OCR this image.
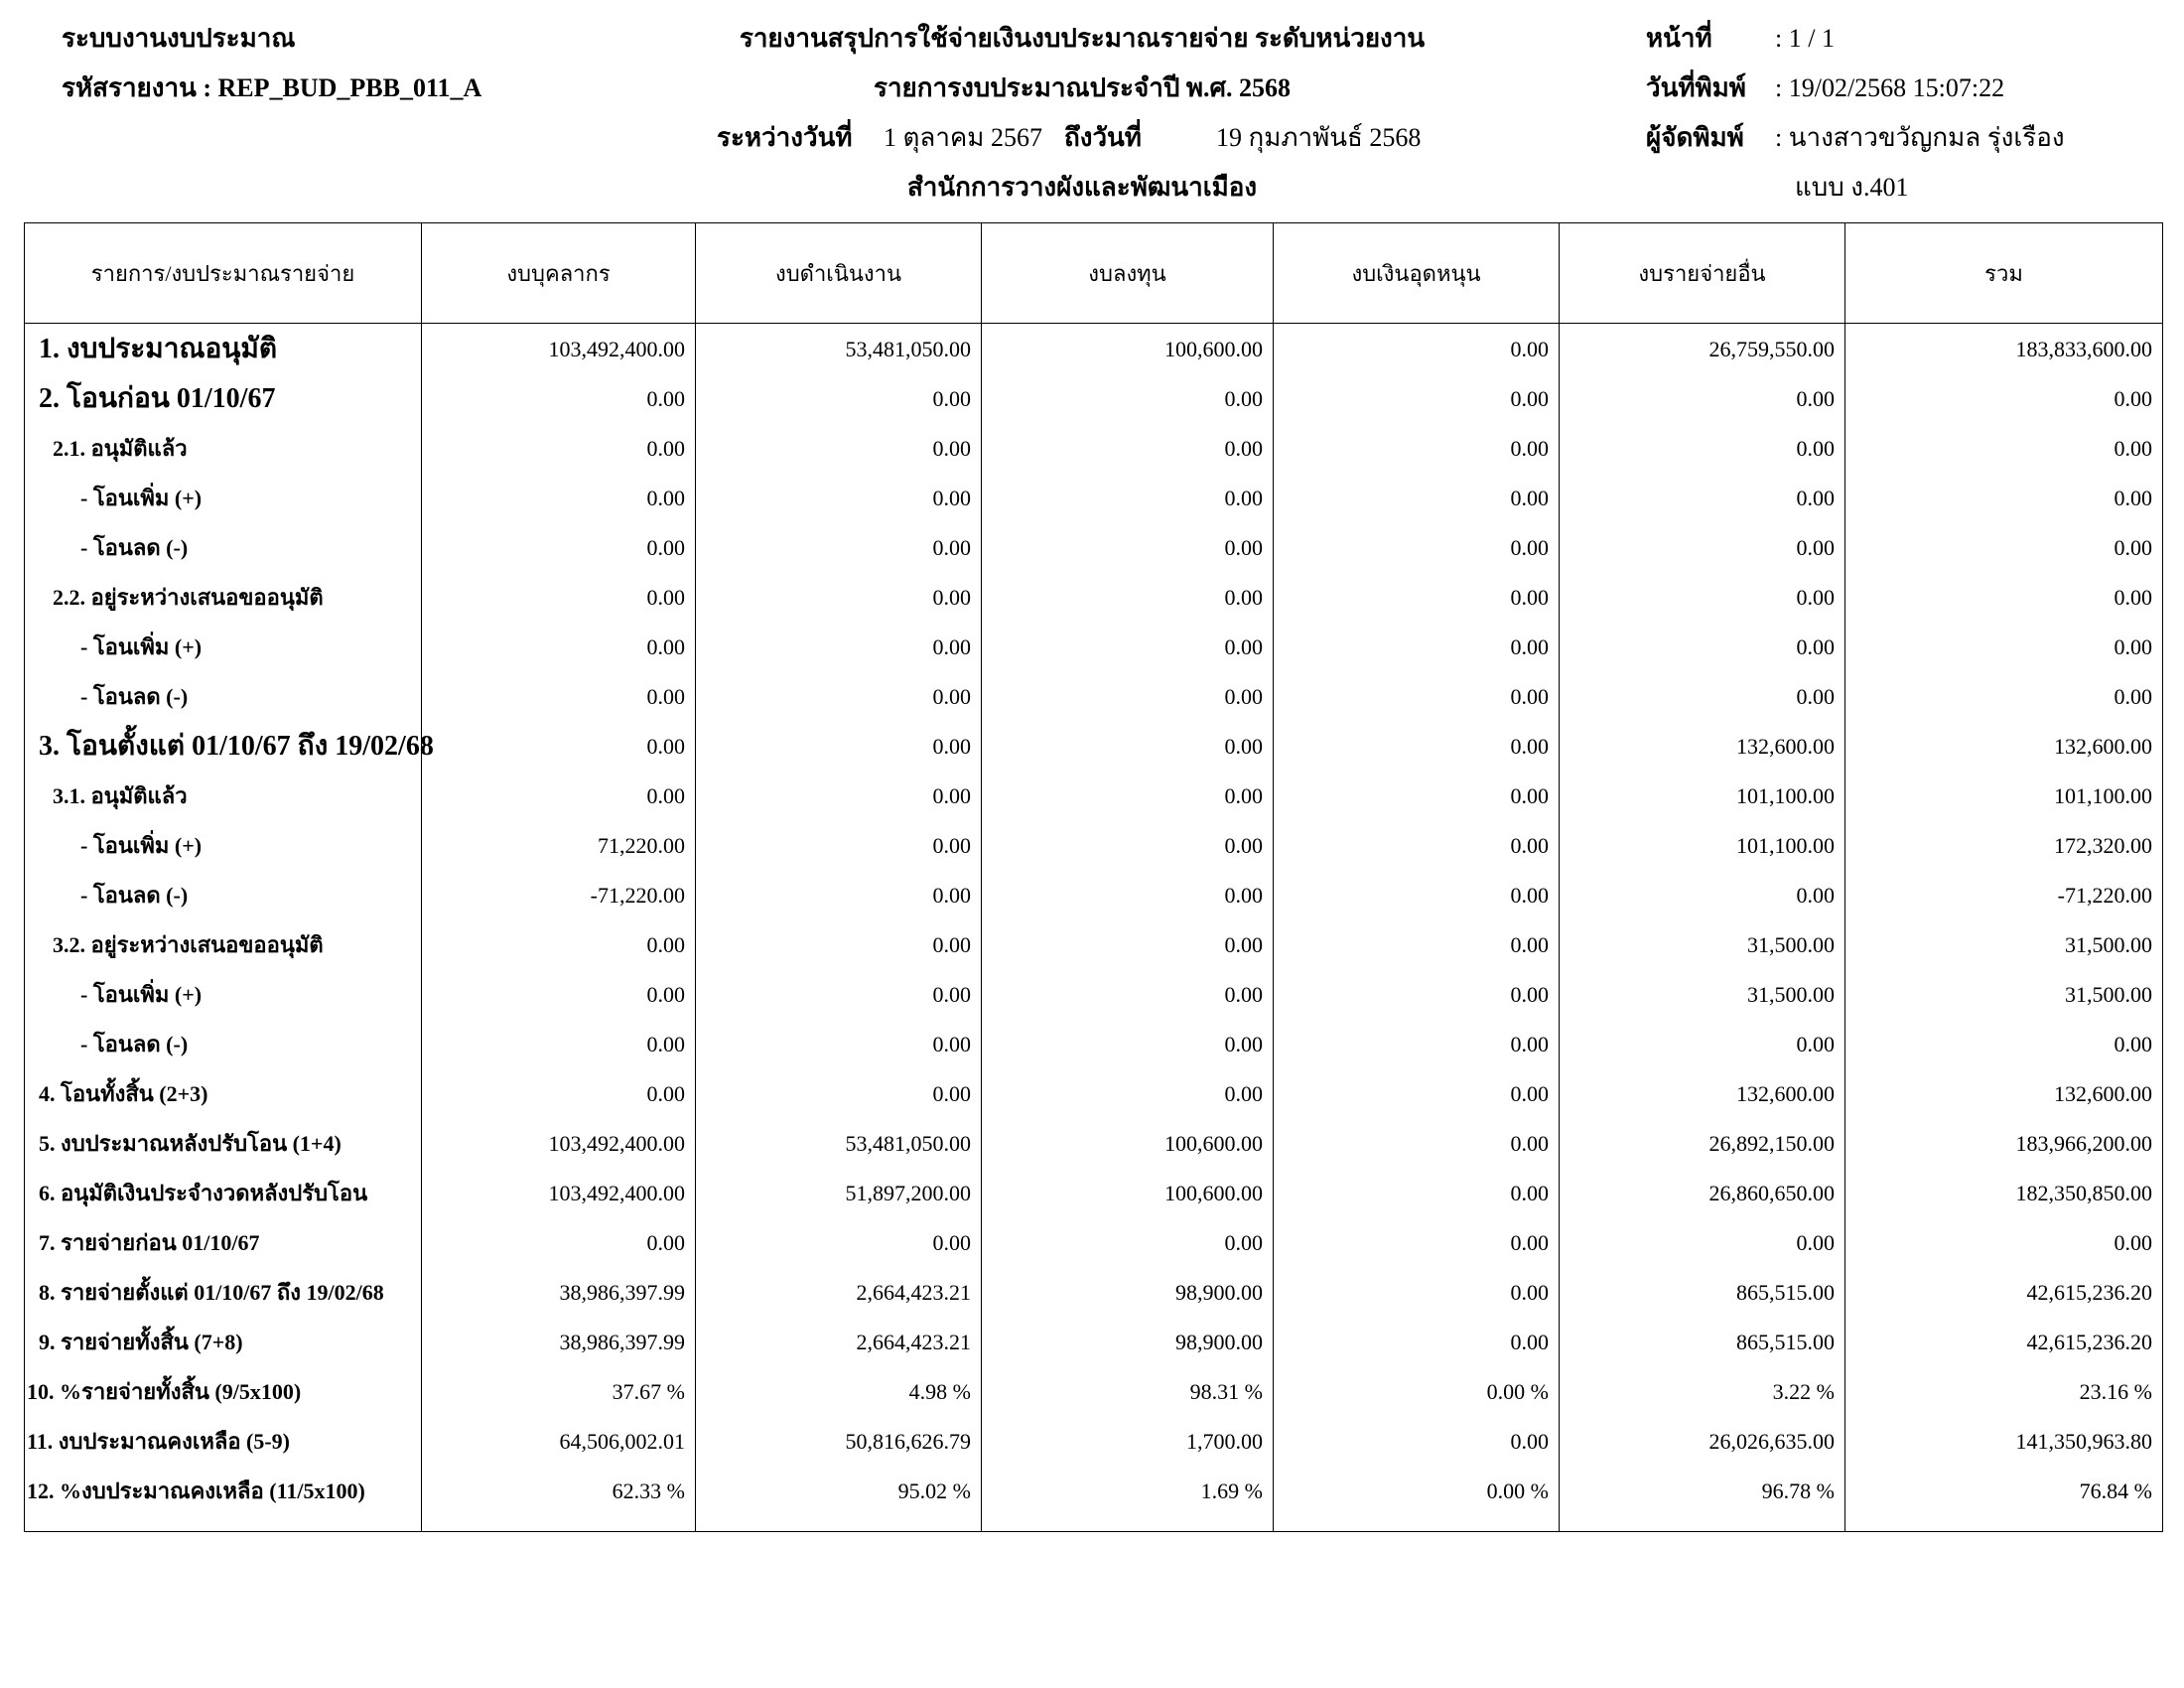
ระบบงานงบประมาณ
รหัสรายงาน : REP_BUD_PBB_011_A
รายงานสรุปการใช้จ่ายเงินงบประมาณรายจ่าย ระดับหน่วยงาน
รายการงบประมาณประจำปี พ.ศ. 2568
ระหว่างวันที่ 1 ตุลาคม 2567 ถึงวันที่	19 กุมภาพันธ์ 2568
สำนักการวางผังและพัฒนาเมือง
หน้าที่ : 1 / 1
วันที่พิมพ์ : 19/02/2568 15:07:22
ผู้จัดพิมพ์ : นางสาวขวัญกมล รุ่งเรือง
แบบ ง.401
รายการ/งบประมาณรายจ่าย	งบบุคลากร	งบดำเนินงาน	งบลงทุน	งบเงินอุดหนุน	งบรายจ่ายอื่น	รวม
1. งบประมาณอนุมัติ	103,492,400.00	53,481,050.00	100,600.00	0.00	26,759,550.00	183,833,600.00
2. โอนก่อน 01/10/67	0.00	0.00	0.00	0.00	0.00	0.00
2.1. อนุมัติแล้ว	0.00	0.00	0.00	0.00	0.00	0.00
- โอนเพิ่ม (+)	0.00	0.00	0.00	0.00	0.00	0.00
- โอนลด (-)	0.00	0.00	0.00	0.00	0.00	0.00
2.2. อยู่ระหว่างเสนอขออนุมัติ	0.00	0.00	0.00	0.00	0.00	0.00
- โอนเพิ่ม (+)	0.00	0.00	0.00	0.00	0.00	0.00
- โอนลด (-)	0.00	0.00	0.00	0.00	0.00	0.00
3. โอนตั้งแต่ 01/10/67 ถึง 19/02/68	0.00	0.00	0.00	0.00	132,600.00	132,600.00
3.1. อนุมัติแล้ว	0.00	0.00	0.00	0.00	101,100.00	101,100.00
- โอนเพิ่ม (+)	71,220.00	0.00	0.00	0.00	101,100.00	172,320.00
- โอนลด (-)	-71,220.00	0.00	0.00	0.00	0.00	-71,220.00
3.2. อยู่ระหว่างเสนอขออนุมัติ	0.00	0.00	0.00	0.00	31,500.00	31,500.00
- โอนเพิ่ม (+)	0.00	0.00	0.00	0.00	31,500.00	31,500.00
- โอนลด (-)	0.00	0.00	0.00	0.00	0.00	0.00
4. โอนทั้งสิ้น (2+3)	0.00	0.00	0.00	0.00	132,600.00	132,600.00
5. งบประมาณหลังปรับโอน (1+4)	103,492,400.00	53,481,050.00	100,600.00	0.00	26,892,150.00	183,966,200.00
6. อนุมัติเงินประจำงวดหลังปรับโอน	103,492,400.00	51,897,200.00	100,600.00	0.00	26,860,650.00	182,350,850.00
7. รายจ่ายก่อน 01/10/67	0.00	0.00	0.00	0.00	0.00	0.00
8. รายจ่ายตั้งแต่ 01/10/67 ถึง 19/02/68	38,986,397.99	2,664,423.21	98,900.00	0.00	865,515.00	42,615,236.20
9. รายจ่ายทั้งสิ้น (7+8)	38,986,397.99	2,664,423.21	98,900.00	0.00	865,515.00	42,615,236.20
10. %รายจ่ายทั้งสิ้น (9/5x100)	37.67 %	4.98 %	98.31 %	0.00 %	3.22 %	23.16 %
11. งบประมาณคงเหลือ (5-9)	64,506,002.01	50,816,626.79	1,700.00	0.00	26,026,635.00	141,350,963.80
12. %งบประมาณคงเหลือ (11/5x100)	62.33 %	95.02 %	1.69 %	0.00 %	96.78 %	76.84 %
